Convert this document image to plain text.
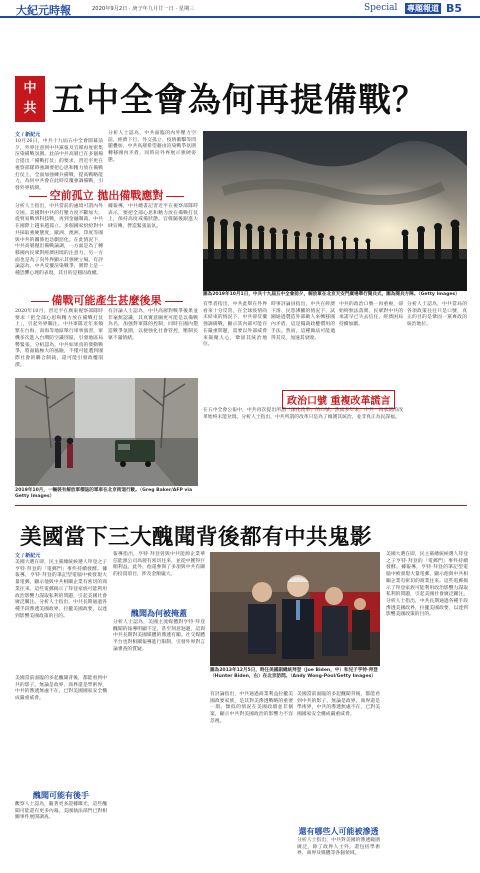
大紀元時報	2020年9月2日 · 庚子年九月廿一日 · 星期三	Special 專題報道 B5
中
共 五中全會為何再提備戰？
文 / 新紀元
10月26日，中共十九屆五中全會開幕前夕，外界注意到中共黨報及官媒再度密集渲染備戰氛圍。此前中共高層已在多個場合提出「備戰打仗」的要求，習近平更在視察部隊時強調要把心思和精力放在備戰打仗上，全面加強練兵備戰，提高戰略能力，為何中共會在此時反覆強調備戰，引發外界猜測。
分析人士認為，中共面臨的內外壓力空前，經濟下行、外交孤立、疫情衝擊等問題疊加，中共高層希望藉由渲染戰爭氛圍轉移國內矛盾，同時向外界展示強硬姿態。
空前孤立 拋出備戰應對
分析人士指出，中共當前的處境可謂內外交困。美國對中共的打壓力度不斷加大，從貿易戰到科技戰，再到金融制裁，中共在國際上越來越孤立。多個國家紛紛對中共採取強硬態度，歐洲、澳洲、印度等國與中共的關係也急劇惡化。在此情況下，中共高層拋出備戰論調，一方面是為了轉移國內民眾對經濟困境的注意力，另一方面也是為了向外界顯示其強硬立場。有評論認為，中共反覆渲染戰爭，實際上是一種恐懼心理的表現，其目的是穩固政權。
據報導，中共總書記習近平在視察部隊時表示，要把全部心思和精力放在備戰打仗上，保持高度戒備狀態。官媒隨後跟進大肆宣傳，營造緊張氣氛。
圖為2019年10月1日，中共十九屆五中全會前夕，解放軍在北京天安門廣場舉行閱兵式，圖為閱兵方陣。（Getty Images）
備戰可能產生甚麼後果
2020年10月，習近平在廣東視察部隊時要求「把全部心思和精力放在備戰打仗上」，引起外界關注。中共軍隊近年來頻繁在台海、南海等地區舉行軍事演習，軍機多次進入台灣防空識別區，引發地區局勢緊張。分析認為，中共如果真的發動戰爭，將面臨極大的風險，不僅可能遭到國際社會的聯合制裁，還可能引發政權崩潰。
有評論人士認為，中共高層對戰爭後果並非毫無認識，其真實意圖更可能是以備戰為名，加強對軍隊的控制，同時在國內製造戰爭氛圍，以便強化社會管控，壓制民眾不滿情緒。
2019年10月，一輛裝有解放軍標誌的軍車在北京街道行駛。（Greg Baker/AFP via Getty Images）
有學者指出，中共此舉在外界看來十分反常，在全球疫情尚未結束的情況下，中共卻反覆強調備戰，顯示其內部可能存在嚴重問題，需要以外部威脅來凝聚人心，鞏固其統治地位。
時事評論員指出，中共在經濟下滑、民怨沸騰的情況下，試圖通過製造外部敵人來轉移國內矛盾，這是獨裁政權慣用的手法。然而，這種做法可能適得其反，加速其衰敗。
中共的政治口號一再重複，卻始終無法落實。民眾對中共的承諾早已失去信任，經濟困局持續加劇。
分析人士認為，中共當局的各項政策往往只是口號，真正的目的是鞏固一黨專政的統治地位。
政治口號 重複改革謊言
在五中全會公報中，中共再次提出所謂「深化改革」的口號。然而多年來，中共一再承諾的改革始終未能兌現。分析人士指出，中共所謂的改革只是為了維護其統治，並非真正為民謀福。
美國當下三大醜聞背後都有中共鬼影
文 / 新紀元
美國大選在即，民主黨總統候選人拜登之子亨特·拜登的「電郵門」事件持續發酵。據報導，亨特·拜登的筆記型電腦中被發現大量電郵，顯示他與中共相關企業有密切的商業往來。這些電郵揭示了拜登家族可能利用政治影響力謀取私利的問題，引起美國社會廣泛關注。分析人士指出，中共長期通過各種手段滲透美國政界，拉攏美國政要，以達到影響美國政策的目的。
報導指出，亨特·拜登曾與中共能源企業華信能源公司高層有密切往來，並從中獲得巨額利益。此外，他還參與了多項與中共有關的投資項目，涉及金額龐大。
醜聞為何被掩蓋
分析人士認為，美國主流媒體對亨特·拜登醜聞的報導明顯不足，甚至刻意迴避，這與中共長期對美國媒體的滲透有關。社交媒體平台也對相關報導進行限制，引發外界對言論審查的質疑。
美國當前面臨的多起醜聞背後，都能看到中共的影子。無論是政界、商界還是學術界，中共的滲透無處不在，已對美國國家安全構成嚴重威脅。
醜聞可能有後手
觀察人士認為，隨著更多證據曝光，這些醜聞可能還有更多內幕。美國執法部門已對相關事件展開調查。
圖為2013年12月5日，時任美國副總統拜登（Joe Biden，中）和兒子亨特·拜登（Hunter Biden，右）在北京訪問。（Andy Wong-Pool/Getty Images）
有評論指出，中共通過商業利益拉攏美國政要家族，是其對美滲透戰略的重要一環。類似的情況在美國政壇並非個案，顯示中共對美國政治的影響力不容忽視。
美國當前面臨的多起醜聞背後，都能看到中共的影子。無論是政界、商界還是學術界，中共的滲透無處不在，已對美國國家安全構成嚴重威脅。
還有哪些人可能被滲透
分析人士指出，中共對美國的滲透範圍廣泛，除了政界人士外，還包括學術界、商界及媒體等各個領域。
美國大選在即，民主黨總統候選人拜登之子亨特·拜登的「電郵門」事件持續發酵。據報導，亨特·拜登的筆記型電腦中被發現大量電郵，顯示他與中共相關企業有密切的商業往來。這些電郵揭示了拜登家族可能利用政治影響力謀取私利的問題，引起美國社會廣泛關注。分析人士指出，中共長期通過各種手段滲透美國政界，拉攏美國政要，以達到影響美國政策的目的。
